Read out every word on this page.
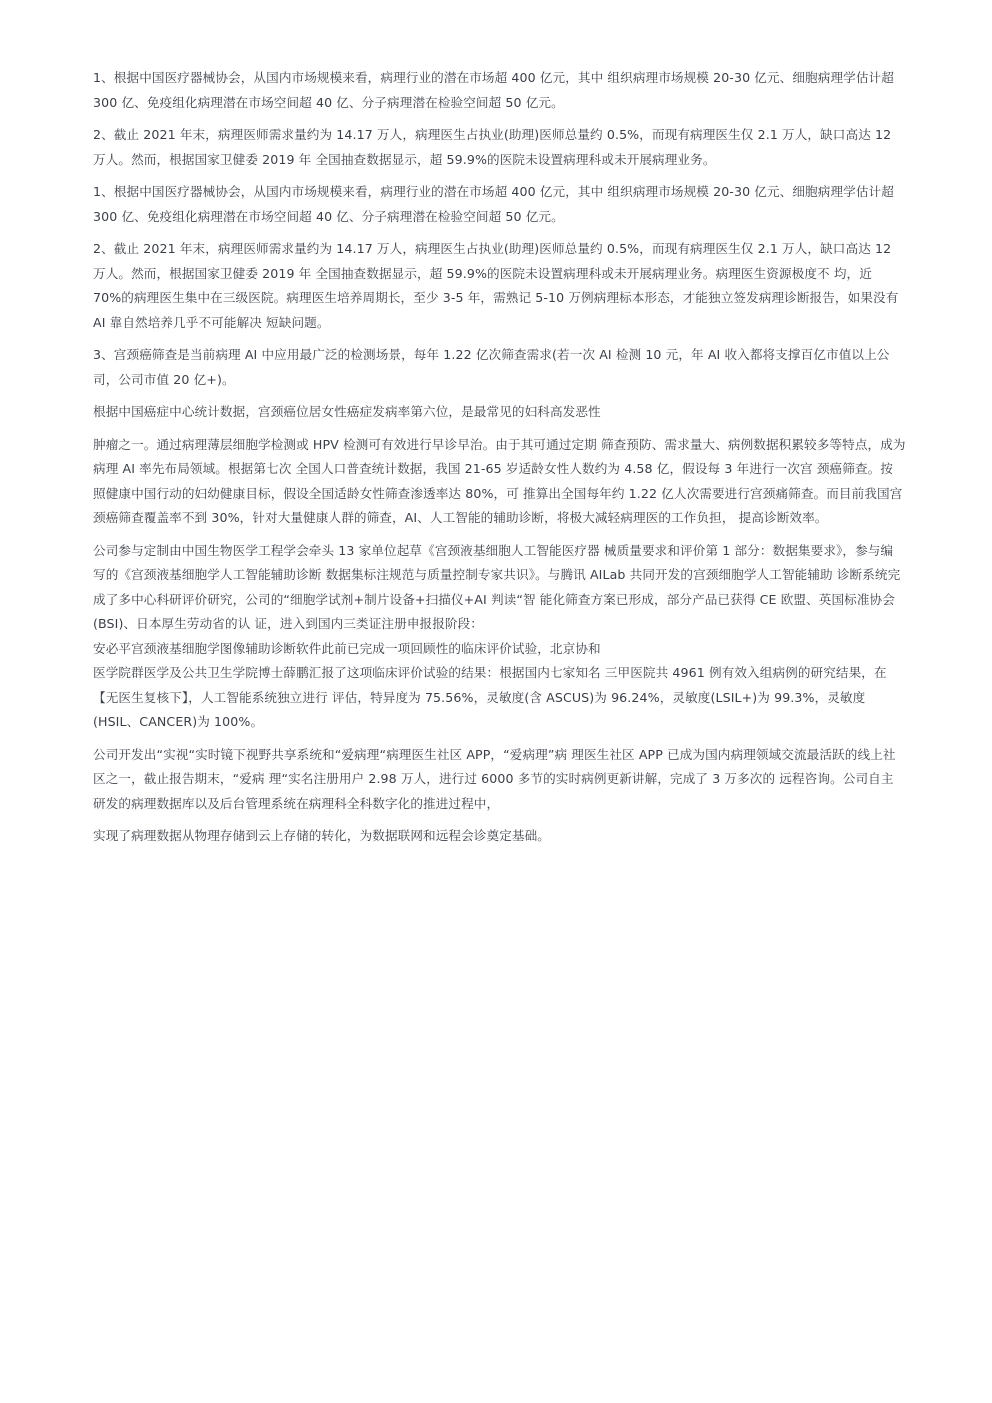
1、根据中国医疗器械协会，从国内市场规模来看，病理行业的潜在市场超 400 亿元，其中 组织病理市场规模 20-30 亿元、细胞病理学估计超
300 亿、免疫组化病理潜在市场空间超 40 亿、分子病理潜在检验空间超 50 亿元。

2、截止 2021 年末，病理医师需求量约为 14.17 万人，病理医生占执业(助理)医师总量约 0.5%，而现有病理医生仅 2.1 万人，缺口高达 12
万人。然而，根据国家卫健委 2019 年 全国抽查数据显示，超 59.9%的医院未设置病理科或未开展病理业务。

1、根据中国医疗器械协会，从国内市场规模来看，病理行业的潜在市场超 400 亿元，其中 组织病理市场规模 20-30 亿元、细胞病理学估计超
300 亿、免疫组化病理潜在市场空间超 40 亿、分子病理潜在检验空间超 50 亿元。

2、截止 2021 年末，病理医师需求量约为 14.17 万人，病理医生占执业(助理)医师总量约 0.5%，而现有病理医生仅 2.1 万人，缺口高达 12
万人。然而，根据国家卫健委 2019 年 全国抽查数据显示，超 59.9%的医院未设置病理科或未开展病理业务。病理医生资源极度不 均，近
70%的病理医生集中在三级医院。病理医生培养周期长，至少 3-5 年，需熟记 5-10 万例病理标本形态，才能独立签发病理诊断报告，如果没有
AI 靠自然培养几乎不可能解决 短缺问题。

3、宫颈癌筛查是当前病理 AI 中应用最广泛的检测场景，每年 1.22 亿次筛查需求(若一次 AI 检测 10 元，年 AI 收入都将支撑百亿市值以上公
司，公司市值 20 亿+)。

根据中国癌症中心统计数据，宫颈癌位居女性癌症发病率第六位，是最常见的妇科高发恶性

肿瘤之一。通过病理薄层细胞学检测或 HPV 检测可有效进行早诊早治。由于其可通过定期 筛查预防、需求量大、病例数据积累较多等特点，成为
病理 AI 率先布局领域。根据第七次 全国人口普查统计数据，我国 21-65 岁适龄女性人数约为 4.58 亿，假设每 3 年进行一次宫 颈癌筛查。按
照健康中国行动的妇幼健康目标，假设全国适龄女性筛查渗透率达 80%，可 推算出全国每年约 1.22 亿人次需要进行宫颈痛筛查。而目前我国宫
颈癌筛查覆盖率不到 30%，针对大量健康人群的筛查，AI、人工智能的辅助诊断，将极大减轻病理医的工作负担， 提高诊断效率。

公司参与定制由中国生物医学工程学会牵头 13 家单位起草《宫颈液基细胞人工智能医疗器 械质量要求和评价第 1 部分：数据集要求》，参与编
写的《宫颈液基细胞学人工智能辅助诊断 数据集标注规范与质量控制专家共识》。与腾讯 AILab 共同开发的宫颈细胞学人工智能辅助 诊断系统完
成了多中心科研评价研究，公司的“细胞学试剂+制片设备+扫描仪+AI 判读“智 能化筛查方案已形成，部分产品已获得 CE 欧盟、英国标准协会
(BSI)、日本厚生劳动省的认 证，进入到国内三类证注册申报报阶段：
安必平宫颈液基细胞学图像辅助诊断软件此前已完成一项回顾性的临床评价试验，北京协和

医学院群医学及公共卫生学院博士薛鹏汇报了这项临床评价试验的结果：根据国内七家知名 三甲医院共 4961 例有效入组病例的研究结果，在
【无医生复核下】，人工智能系统独立进行 评估，特异度为 75.56%，灵敏度(含 ASCUS)为 96.24%，灵敏度(LSIL+)为 99.3%，灵敏度
(HSIL、CANCER)为 100%。

公司开发出“实视“实时镜下视野共享系统和“爱病理“病理医生社区 APP，“爱病理”病 理医生社区 APP 已成为国内病理领域交流最活跃的线上社
区之一，截止报告期末，“爱病 理“实名注册用户 2.98 万人，进行过 6000 多节的实时病例更新讲解，完成了 3 万多次的 远程咨询。公司自主
研发的病理数据库以及后台管理系统在病理科全科数字化的推进过程中，

实现了病理数据从物理存储到云上存储的转化，为数据联网和远程会诊奠定基础。
